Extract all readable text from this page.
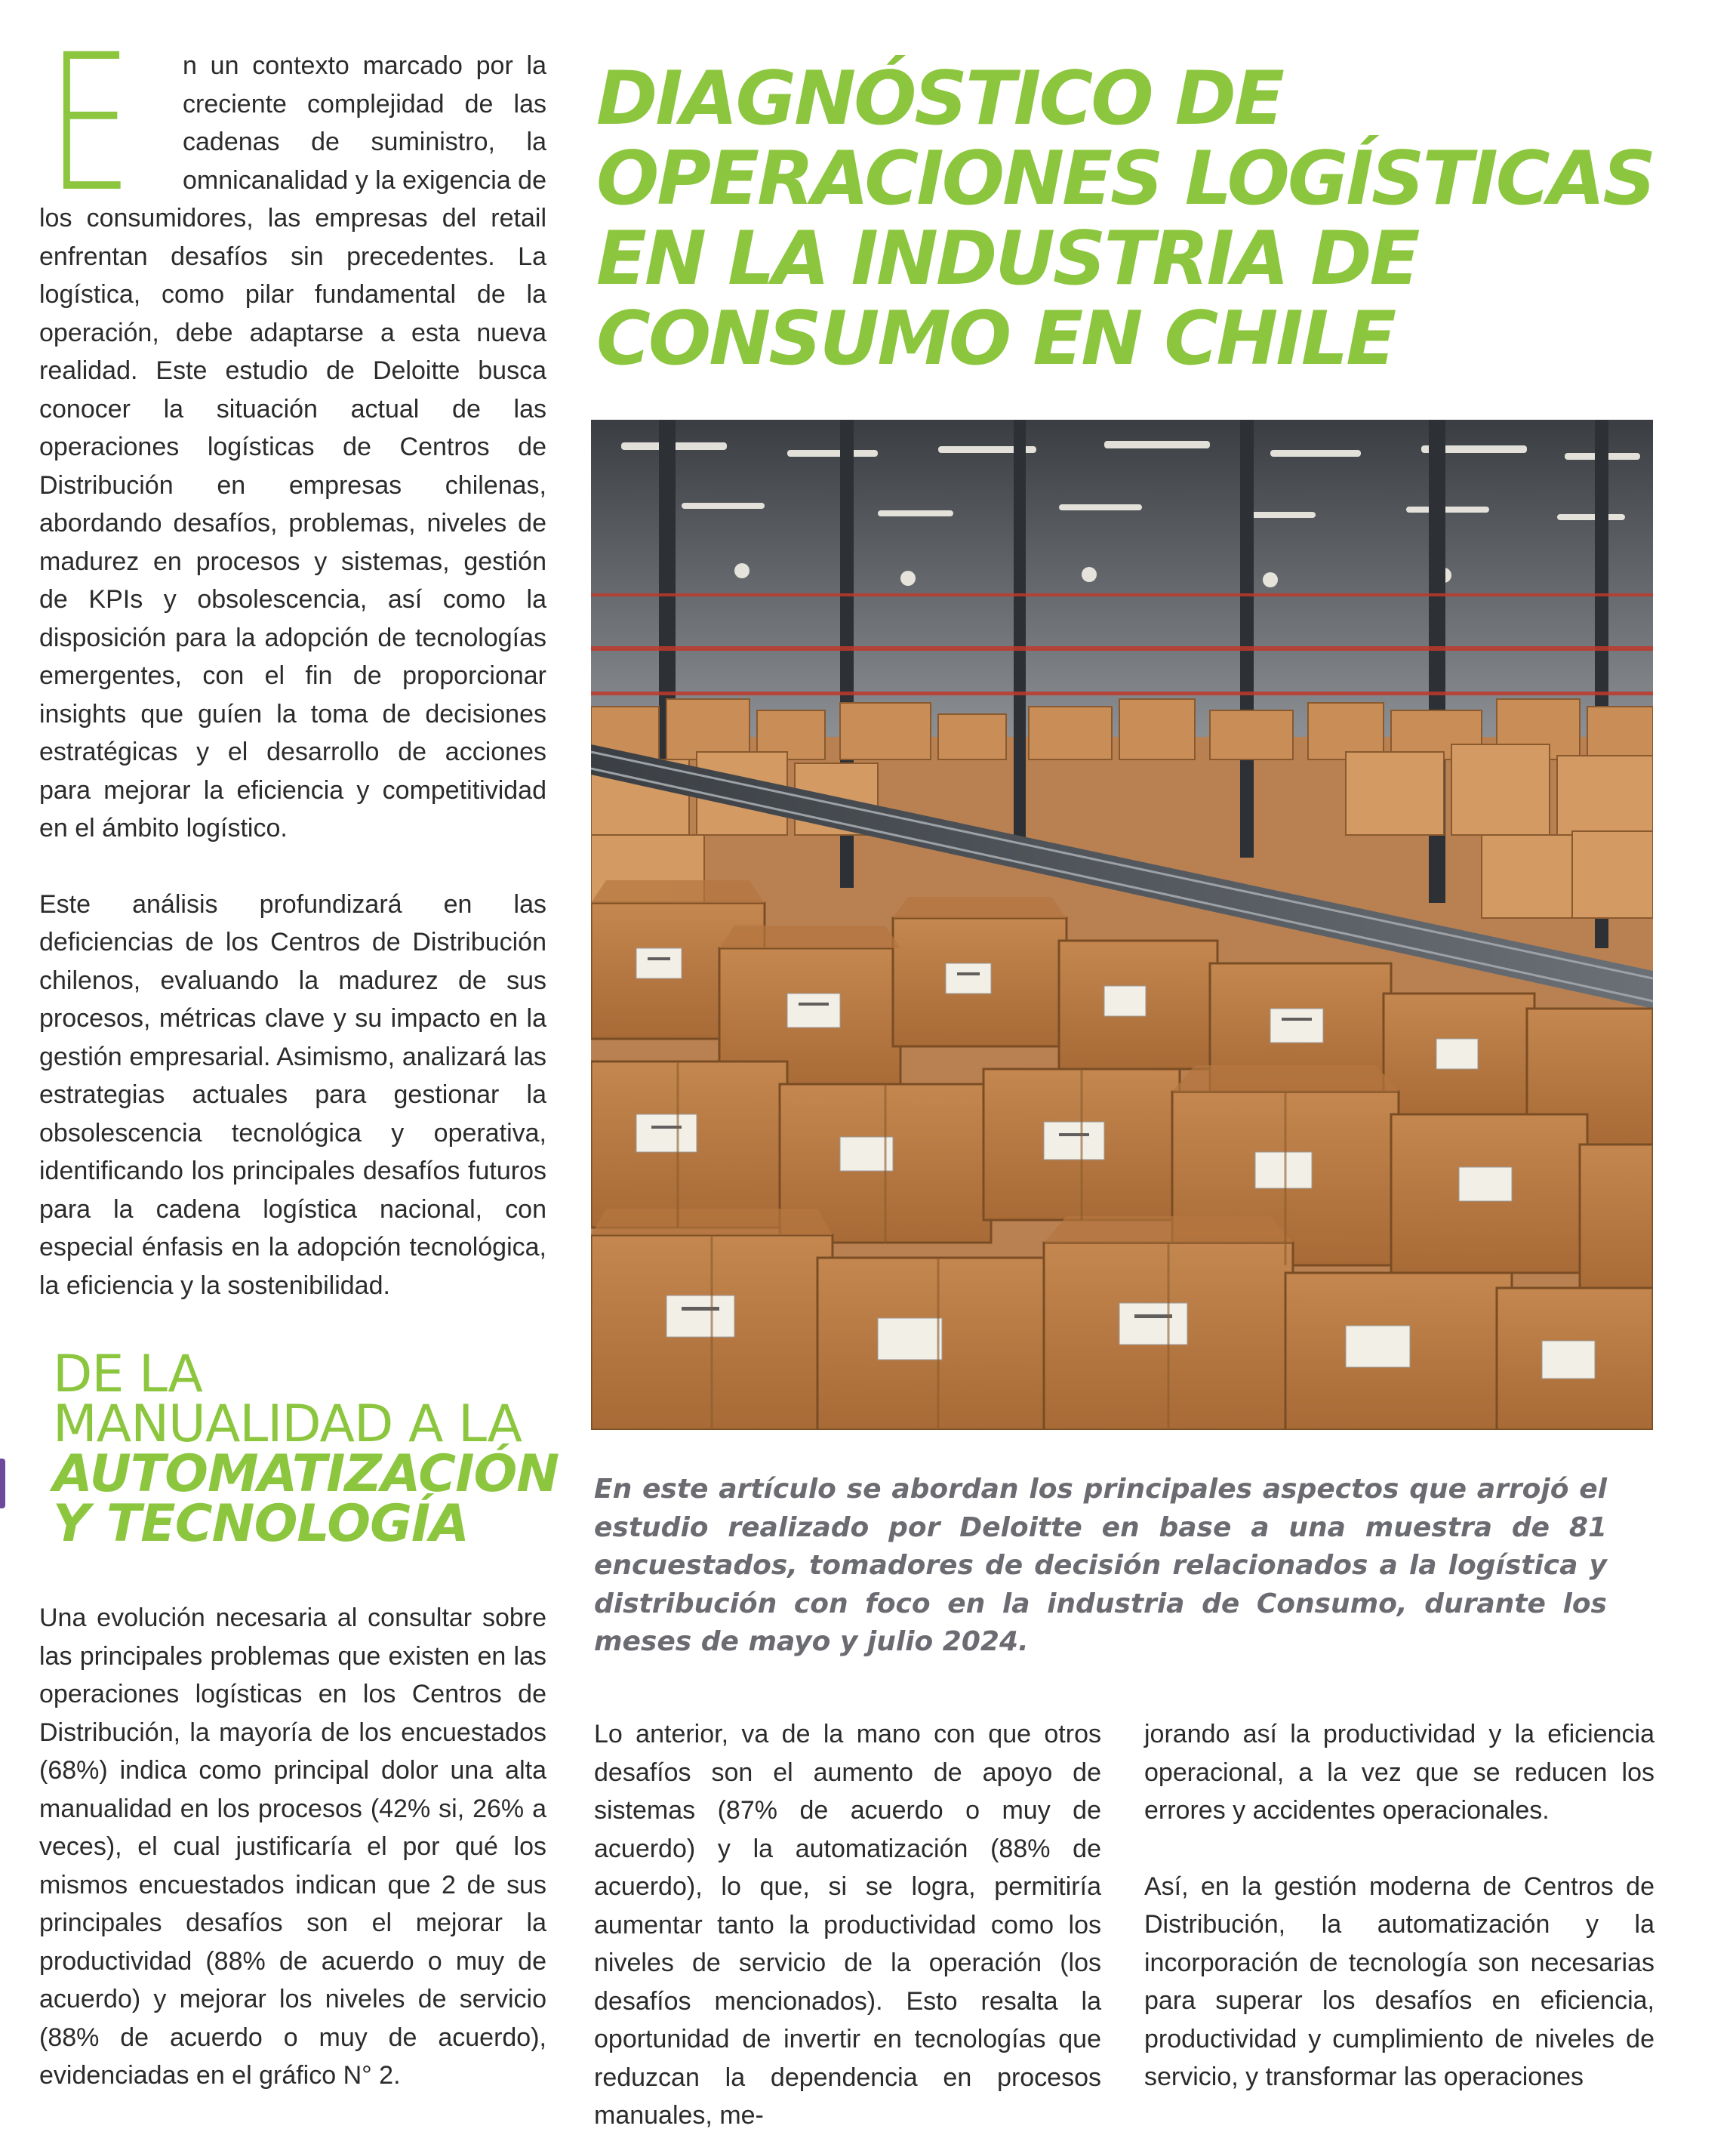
E	n un contexto marcado por la creciente complejidad de las cadenas de suministro, la omnicanalidad y la exigencia de los consumidores, las empresas del retail enfrentan desafíos sin precedentes. La logística, como pilar fundamental de la operación, debe adaptarse a esta nueva realidad. Este estudio de Deloitte busca conocer la situación actual de las operaciones logísticas de Centros de Distribución en empresas chilenas, abordando desafíos, problemas, niveles de madurez en procesos y sistemas, gestión de KPIs y obsolescencia, así como la disposición para la adopción de tecnologías emergentes, con el fin de proporcionar insights que guíen la toma de decisiones estratégicas y el desarrollo de acciones para mejorar la eficiencia y competitividad en el ámbito logístico.

Este análisis profundizará en las deficiencias de los Centros de Distribución chilenos, evaluando la madurez de sus procesos, métricas clave y su impacto en la gestión empresarial. Asimismo, analizará las estrategias actuales para gestionar la obsolescencia tecnológica y operativa, identificando los principales desafíos futuros para la cadena logística nacional, con especial énfasis en la adopción tecnológica, la eficiencia y la sostenibilidad.

DE LA
MANUALIDAD A LA
AUTOMATIZACIÓN
Y TECNOLOGÍA

Una evolución necesaria al consultar sobre las principales problemas que existen en las operaciones logísticas en los Centros de Distribución, la mayoría de los encuestados (68%) indica como principal dolor una alta manualidad en los procesos (42% si, 26% a veces), el cual justificaría el por qué los mismos encuestados indican que 2 de sus principales desafíos son el mejorar la productividad (88% de acuerdo o muy de acuerdo) y mejorar los niveles de servicio (88% de acuerdo o muy de acuerdo), evidenciadas en el gráfico N° 2.

DIAGNÓSTICO DE
OPERACIONES LOGÍSTICAS
EN LA INDUSTRIA DE
CONSUMO EN CHILE

En este artículo se abordan los principales aspectos que arrojó el estudio realizado por Deloitte en base a una muestra de 81 encuestados, tomadores de decisión relacionados a la logística y distribución con foco en la industria de Consumo, durante los meses de mayo y julio 2024.

Lo anterior, va de la mano con que otros desafíos son el aumento de apoyo de sistemas (87% de acuerdo o muy de acuerdo) y la automatización (88% de acuerdo), lo que, si se logra, permitiría aumentar tanto la productividad como los niveles de servicio de la operación (los desafíos mencionados). Esto resalta la oportunidad de invertir en tecnologías que reduzcan la dependencia en procesos manuales, me-

jorando así la productividad y la eficiencia operacional, a la vez que se reducen los errores y accidentes operacionales.

Así, en la gestión moderna de Centros de Distribución, la automatización y la incorporación de tecnología son necesarias para superar los desafíos en eficiencia, productividad y cumplimiento de niveles de servicio, y transformar las operaciones
